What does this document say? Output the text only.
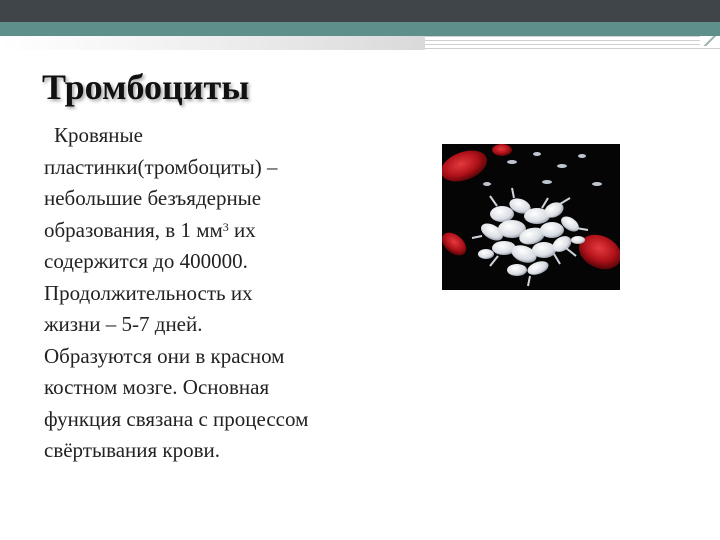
Тромбоциты
Кровяные
пластинки(тромбоциты) –
небольшие безъядерные
образования, в 1 $мм^3$ их
содержится до 400000.
Продолжительность их
жизни – 5-7 дней.
Образуются они в красном
костном мозге. Основная
функция связана с процессом
свёртывания крови.
